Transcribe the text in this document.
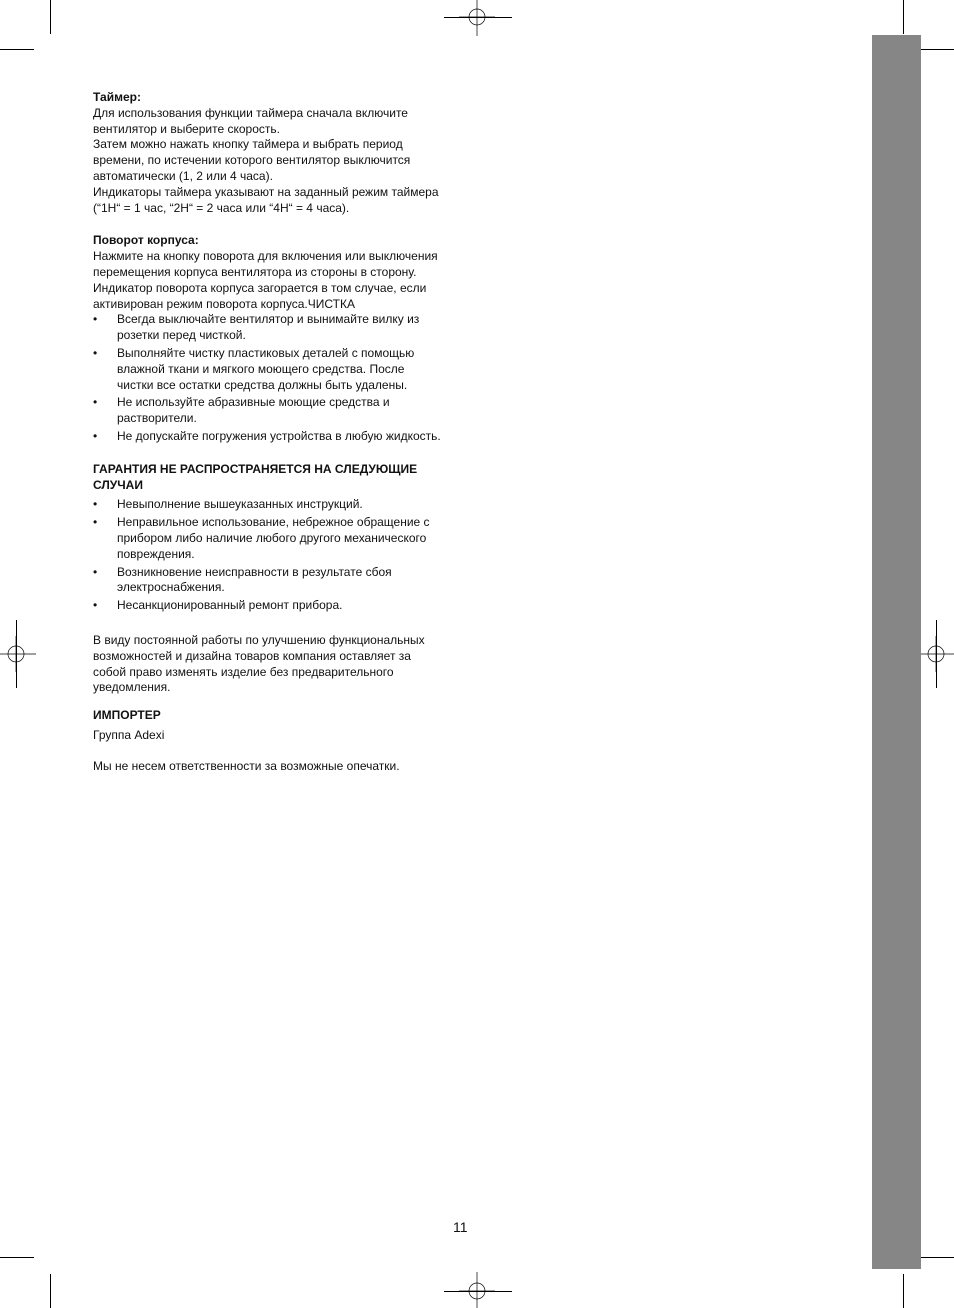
Таймер:

Для использования функции таймера сначала включите

вентилятор и выберите скорость.

Затем можно нажать кнопку таймера и выбрать период

времени, по истечении которого вентилятор выключится

автоматически (1, 2 или 4 часа).

Индикаторы таймера указывают на заданный режим таймера

(“1H“ = 1 час, “2H“ = 2 часа или “4H“ = 4 часа).

Поворот корпуса:

Нажмите на кнопку поворота для включения или выключения

перемещения корпуса вентилятора из стороны в сторону.

Индикатор поворота корпуса загорается в том случае, если

активирован режим поворота корпуса.ЧИСТКА

• Всегда выключайте вентилятор и вынимайте вилку из
розетки перед чисткой.
• Выполняйте чистку пластиковых деталей с помощью
влажной ткани и мягкого моющего средства. После
чистки все остатки средства должны быть удалены.
• Не используйте абразивные моющие средства и
растворители.
• Не допускайте погружения устройства в любую жидкость.

ГАРАНТИЯ НЕ РАСПРОСТРАНЯЕТСЯ НА СЛЕДУЮЩИЕ

СЛУЧАИ

• Невыполнение вышеуказанных инструкций.
• Неправильное использование, небрежное обращение с
прибором либо наличие любого другого механического
повреждения.
• Возникновение неисправности в результате сбоя
электроснабжения.
• Несанкционированный ремонт прибора.

В виду постоянной работы по улучшению функциональных

возможностей и дизайна товаров компания оставляет за

собой право изменять изделие без предварительного

уведомления.

ИМПОРТЕР

Группа Adexi

Мы не несем ответственности за возможные опечатки.

11
